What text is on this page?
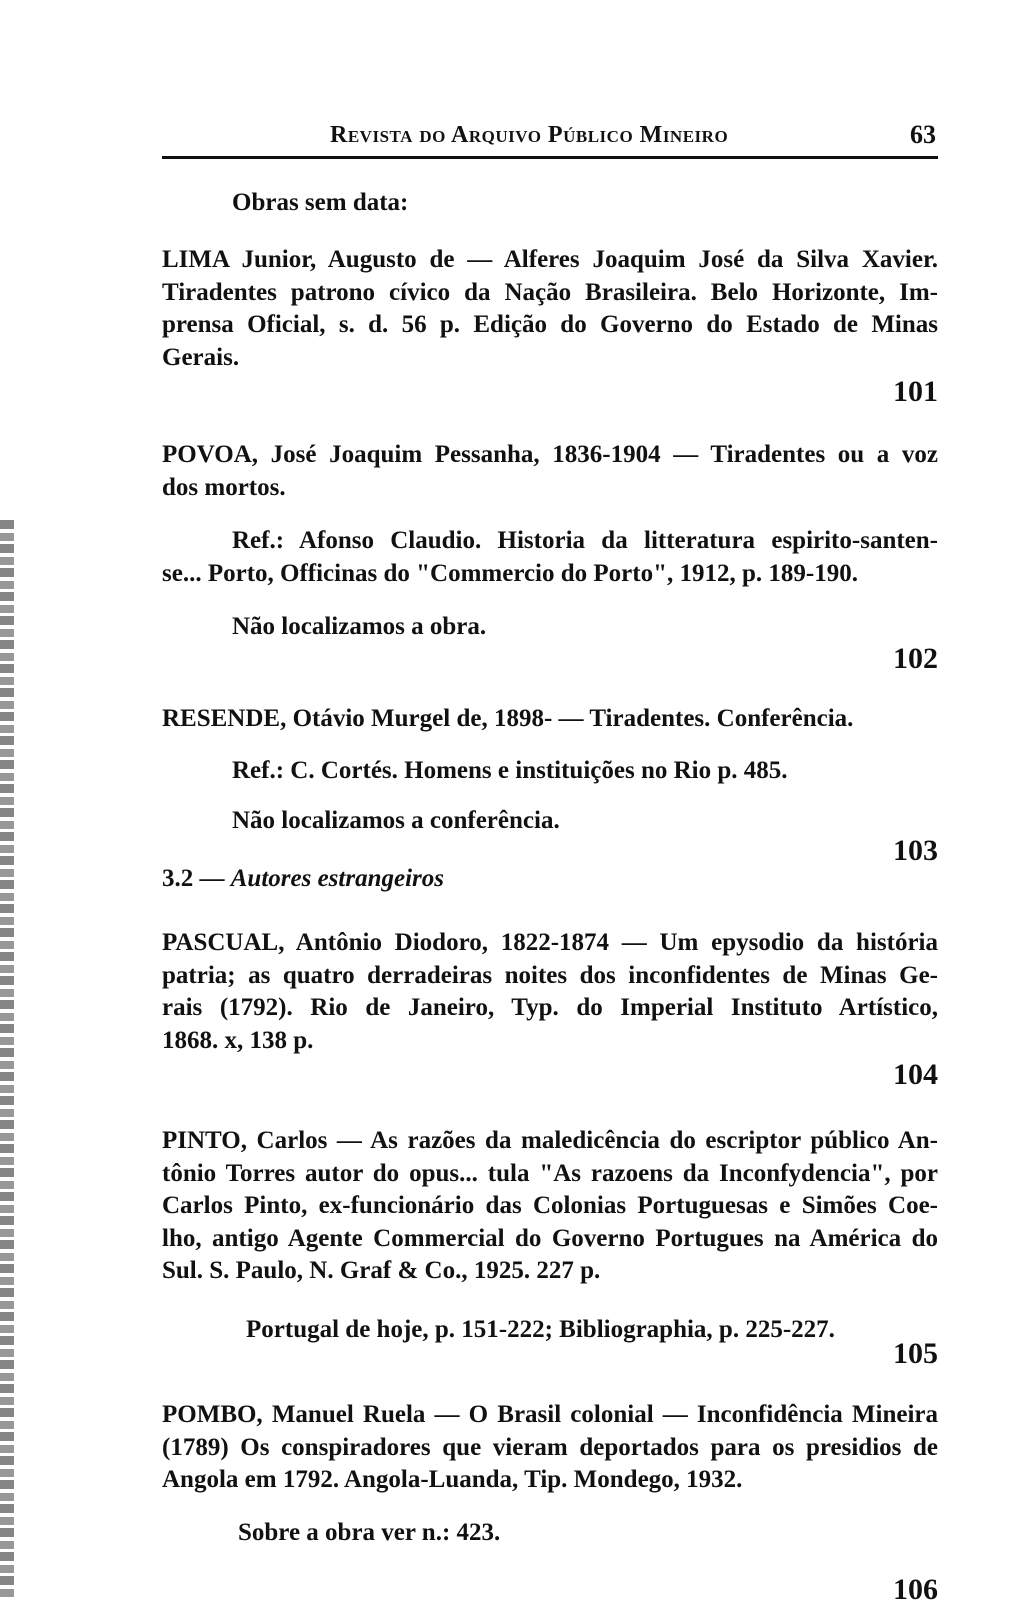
Revista do Arquivo Público Mineiro	63
Obras sem data:
LIMA Junior, Augusto de — Alferes Joaquim José da Silva Xavier.
Tiradentes patrono cívico da Nação Brasileira. Belo Horizonte, Im-
prensa Oficial, s. d. 56 p. Edição do Governo do Estado de Minas
Gerais.
101
POVOA, José Joaquim Pessanha, 1836-1904 — Tiradentes ou a voz
dos mortos.
Ref.: Afonso Claudio. Historia da litteratura espirito-santen-
se... Porto, Officinas do "Commercio do Porto", 1912, p. 189-190.
Não localizamos a obra.
102
RESENDE, Otávio Murgel de, 1898- — Tiradentes. Conferência.
Ref.: C. Cortés. Homens e instituições no Rio p. 485.
Não localizamos a conferência.
103
3.2 — Autores estrangeiros
PASCUAL, Antônio Diodoro, 1822-1874 — Um epysodio da história
patria; as quatro derradeiras noites dos inconfidentes de Minas Ge-
rais (1792). Rio de Janeiro, Typ. do Imperial Instituto Artístico,
1868. x, 138 p.
104
PINTO, Carlos — As razões da maledicência do escriptor público An-
tônio Torres autor do opus... tula "As razoens da Inconfydencia", por
Carlos Pinto, ex-funcionário das Colonias Portuguesas e Simões Coe-
lho, antigo Agente Commercial do Governo Portugues na América do
Sul. S. Paulo, N. Graf & Co., 1925. 227 p.
Portugal de hoje, p. 151-222; Bibliographia, p. 225-227.
105
POMBO, Manuel Ruela — O Brasil colonial — Inconfidência Mineira
(1789) Os conspiradores que vieram deportados para os presidios de
Angola em 1792. Angola-Luanda, Tip. Mondego, 1932.
Sobre a obra ver n.: 423.
106
